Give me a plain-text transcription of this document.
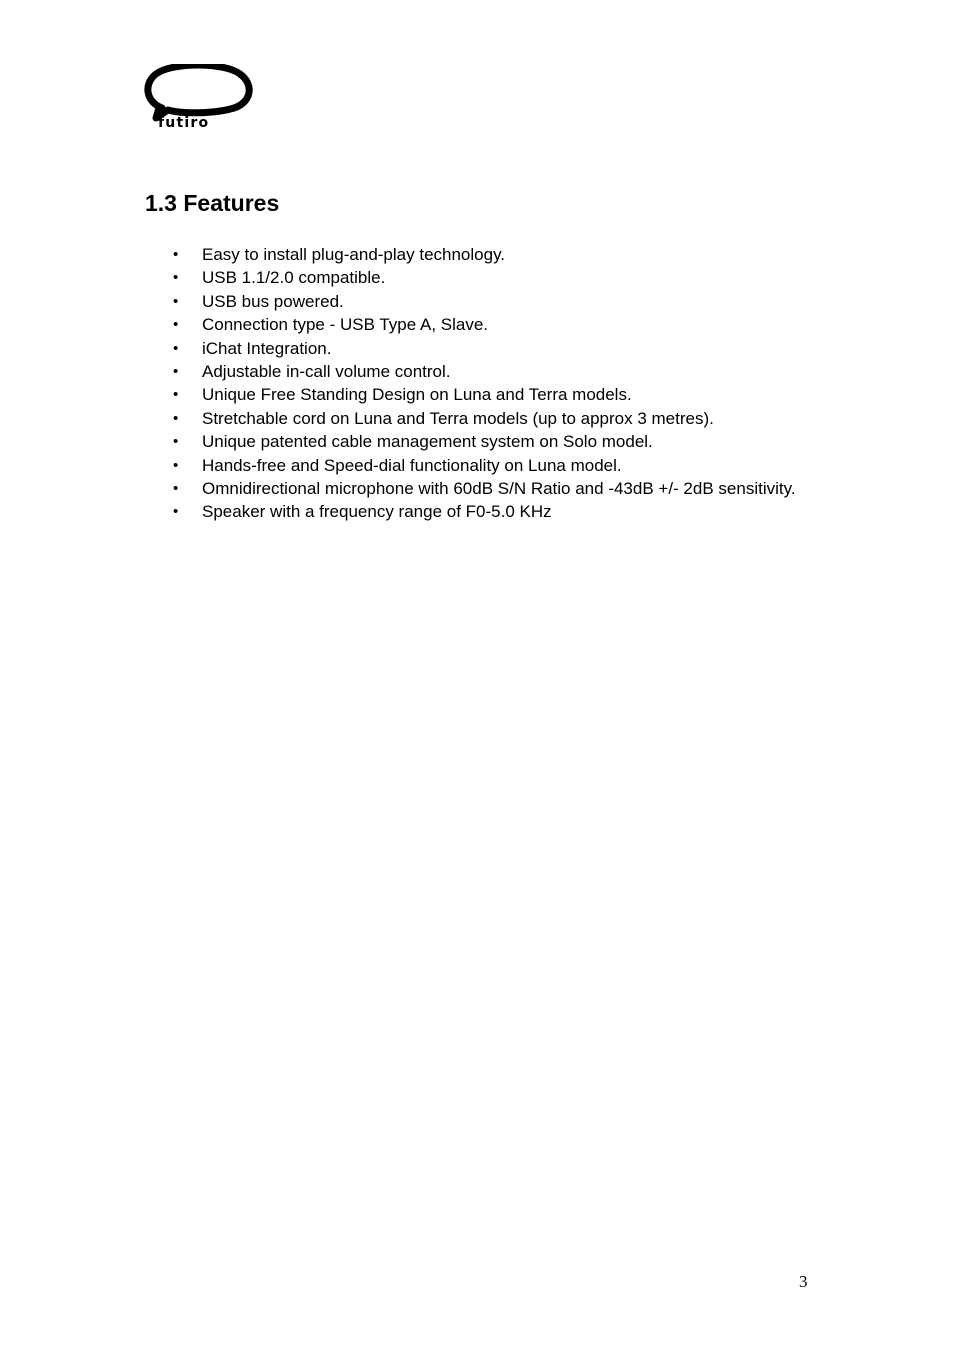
futiro
1.3 Features
• Easy to install plug-and-play technology.
• USB 1.1/2.0 compatible.
• USB bus powered.
• Connection type - USB Type A, Slave.
• iChat Integration.
• Adjustable in-call volume control.
• Unique Free Standing Design on Luna and Terra models.
• Stretchable cord on Luna and Terra models (up to approx 3 metres).
• Unique patented cable management system on Solo model.
• Hands-free and Speed-dial functionality on Luna model.
• Omnidirectional microphone with 60dB S/N Ratio and -43dB +/- 2dB sensitivity.
• Speaker with a frequency range of F0-5.0 KHz
3
